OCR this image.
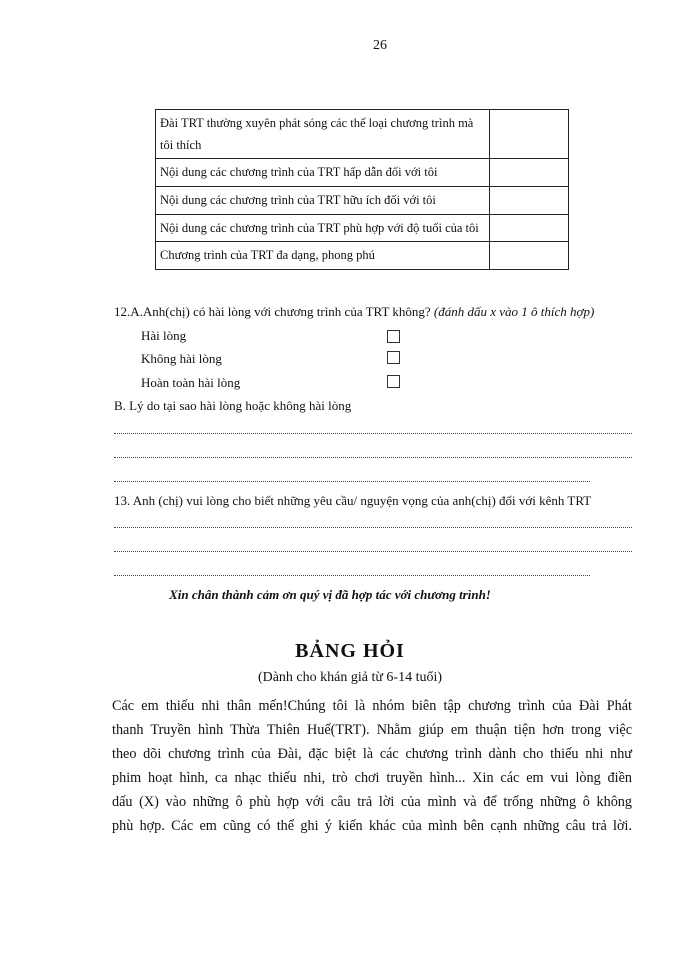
26
Đài TRT thường xuyên phát sóng các thể loại chương trình mà tôi thích	
Nội dung các chương trình của TRT hấp dẫn đối với tôi	
Nội dung các chương trình của TRT hữu ích đối với tôi	
Nội dung các chương trình của TRT phù hợp với độ tuổi của tôi	
Chương trình của TRT đa dạng, phong phú	
12.A.Anh(chị) có hài lòng với chương trình của TRT không? (đánh dấu x vào 1 ô thích hợp)
Hài lòng
Không hài lòng
Hoàn toàn hài lòng
B. Lý do tại sao hài lòng hoặc không hài lòng
13. Anh (chị) vui lòng cho biết những yêu cầu/ nguyện vọng của anh(chị) đối với kênh TRT
Xin chân thành cảm ơn quý vị đã hợp tác với chương trình!
BẢNG HỎI
(Dành cho khán giả từ 6-14 tuổi)
Các em thiếu nhi thân mến!Chúng tôi là nhóm biên tập chương trình của Đài Phát
thanh Truyền hình Thừa Thiên Huế(TRT). Nhằm giúp em thuận tiện hơn trong việc
theo dõi chương trình của Đài, đặc biệt là các chương trình dành cho thiếu nhi như
phim hoạt hình, ca nhạc thiếu nhi, trò chơi truyền hình... Xin các em vui lòng điền
dấu (X) vào những ô phù hợp với câu trả lời của mình và để trống những ô không
phù hợp. Các em cũng có thể ghi ý kiến khác của mình bên cạnh những câu trả lời.
